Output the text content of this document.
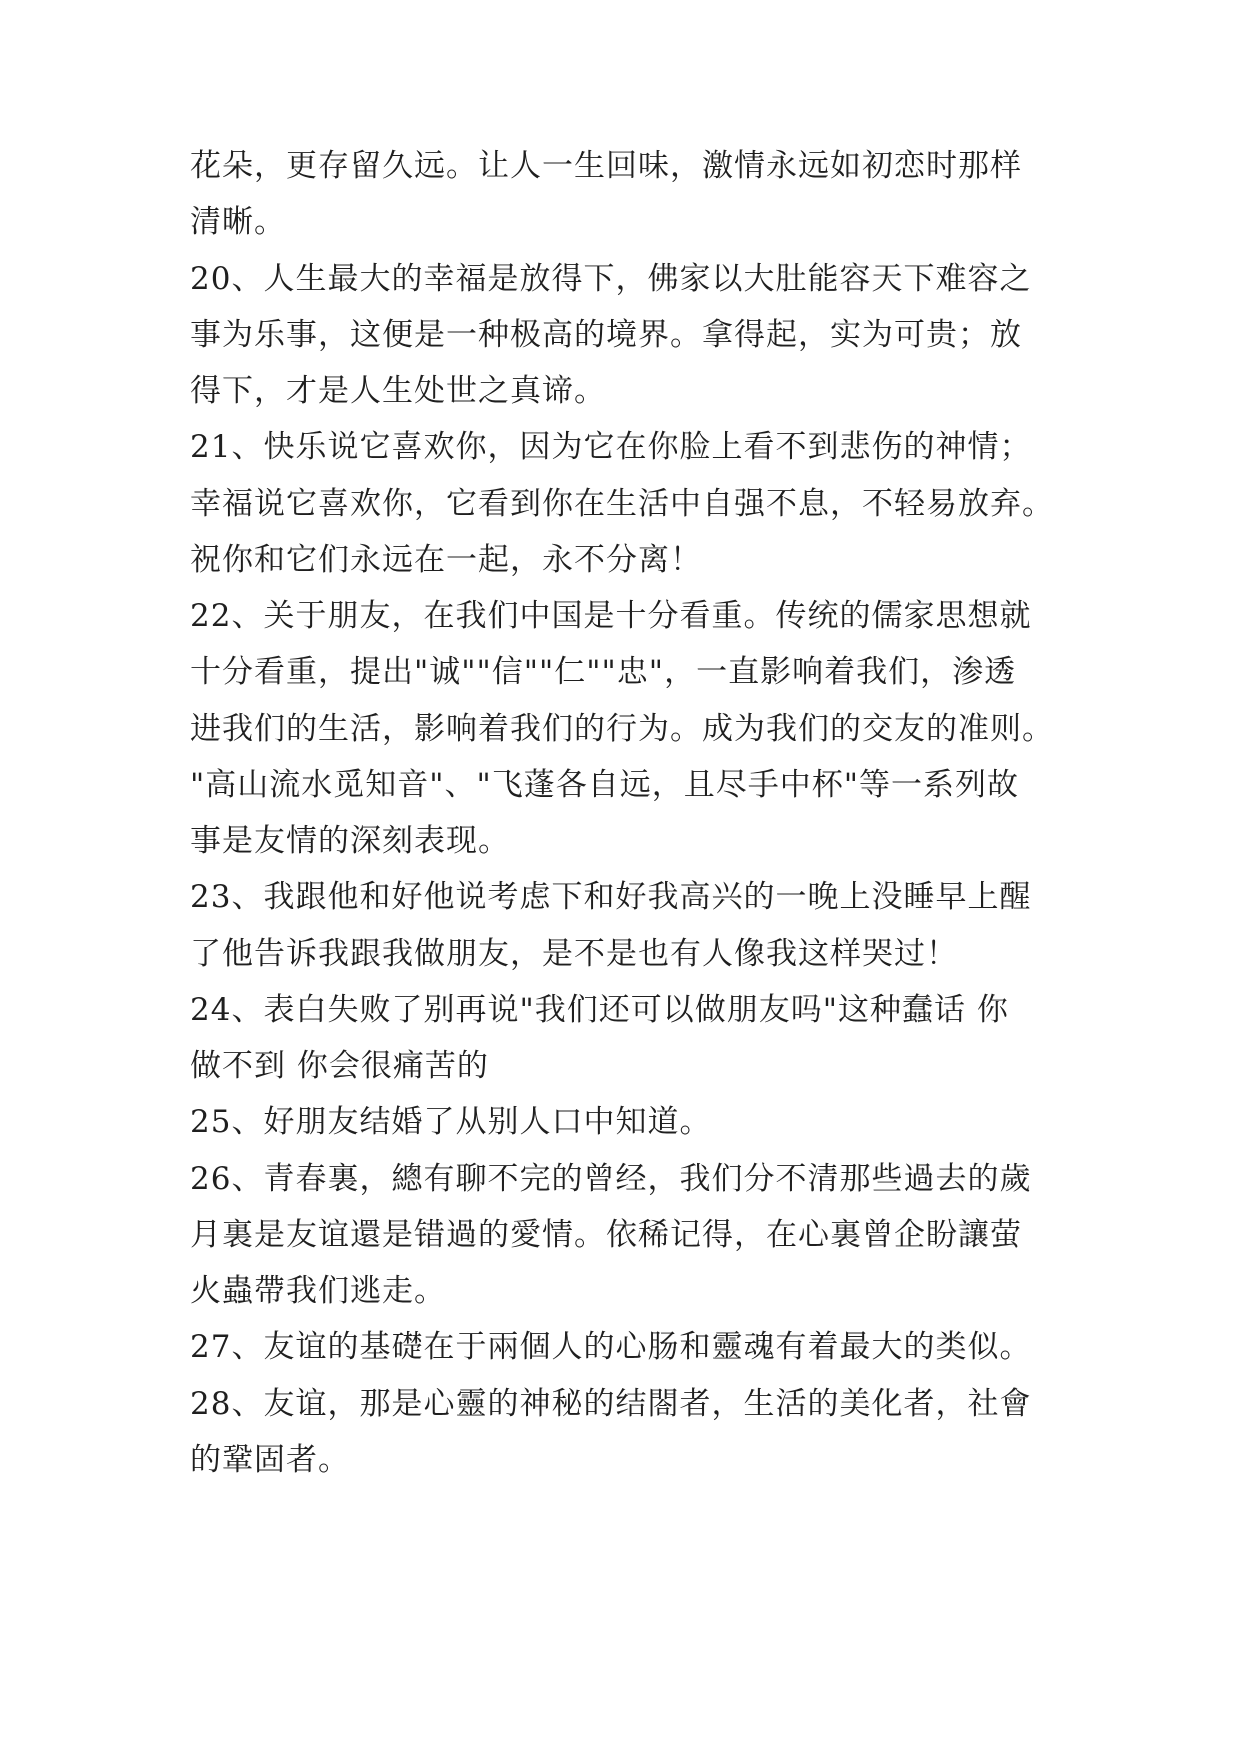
花朵，更存留久远。让人一生回味，激情永远如初恋时那样
清晰。
20、人生最大的幸福是放得下，佛家以大肚能容天下难容之
事为乐事，这便是一种极高的境界。拿得起，实为可贵；放
得下，才是人生处世之真谛。
21、快乐说它喜欢你，因为它在你脸上看不到悲伤的神情；
幸福说它喜欢你，它看到你在生活中自强不息，不轻易放弃。
祝你和它们永远在一起，永不分离！
22、关于朋友，在我们中国是十分看重。传统的儒家思想就
十分看重，提出"诚""信""仁""忠"，一直影响着我们，渗透
进我们的生活，影响着我们的行为。成为我们的交友的准则。
"高山流水觅知音"、"飞蓬各自远，且尽手中杯"等一系列故
事是友情的深刻表现。
23、我跟他和好他说考虑下和好我高兴的一晚上没睡早上醒
了他告诉我跟我做朋友，是不是也有人像我这样哭过！
24、表白失败了别再说"我们还可以做朋友吗"这种蠢话 你
做不到 你会很痛苦的
25、好朋友结婚了从别人口中知道。
26、青春裏，總有聊不完的曾经，我们分不清那些過去的歲
月裏是友谊還是错過的愛情。依稀记得，在心裏曾企盼讓萤
火蟲帶我们逃走。
27、友谊的基礎在于兩個人的心肠和靈魂有着最大的类似。
28、友谊，那是心靈的神秘的结閤者，生活的美化者，社會
的鞏固者。
